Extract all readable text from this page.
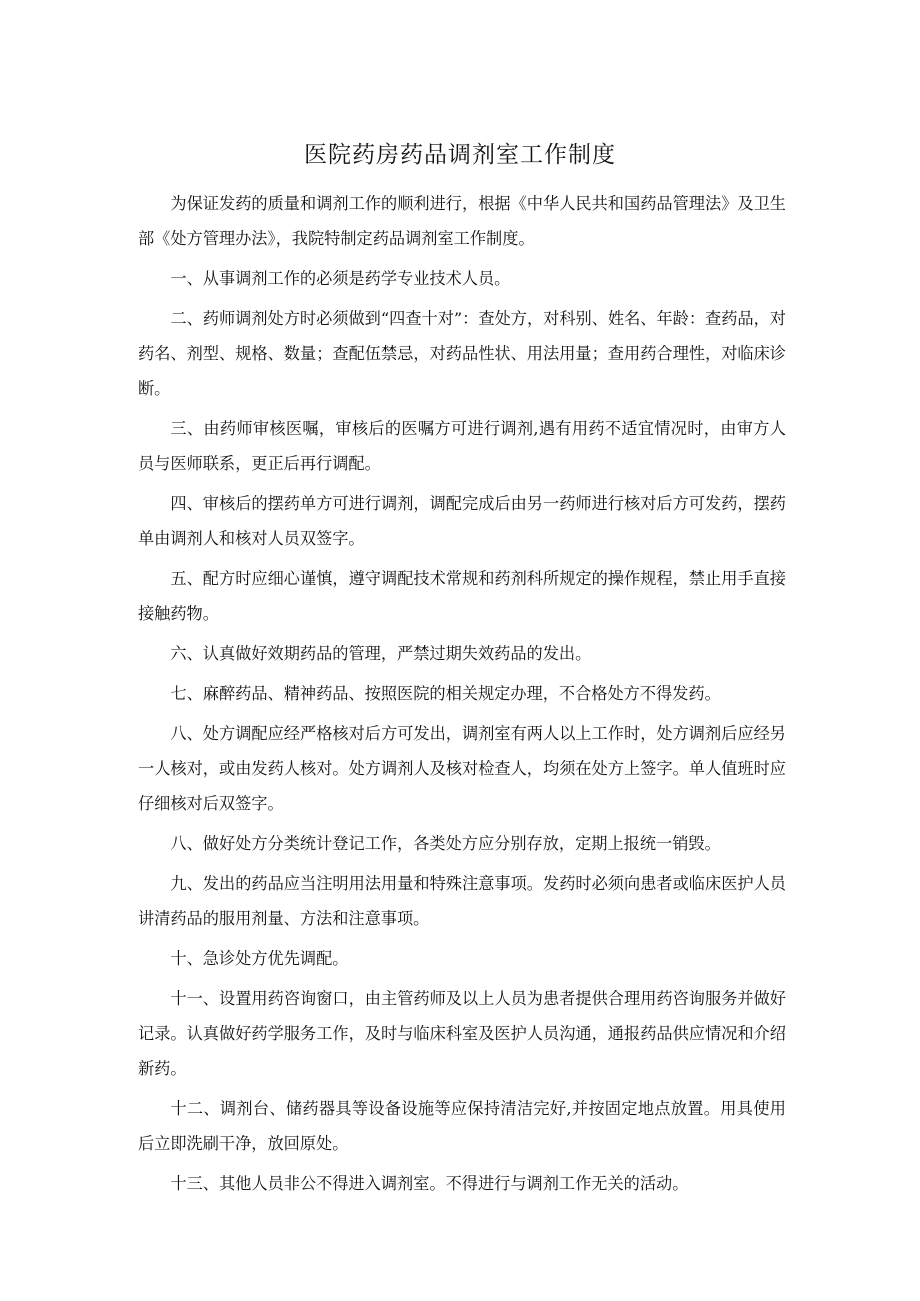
医院药房药品调剂室工作制度

为保证发药的质量和调剂工作的顺利进行，根据《中华人民共和国药品管理法》及卫生部《处方管理办法》，我院特制定药品调剂室工作制度。

一、从事调剂工作的必须是药学专业技术人员。

二、药师调剂处方时必须做到“四查十对”：查处方，对科别、姓名、年龄：查药品，对药名、剂型、规格、数量；查配伍禁忌，对药品性状、用法用量；查用药合理性，对临床诊断。

三、由药师审核医嘱，审核后的医嘱方可进行调剂,遇有用药不适宜情况时，由审方人员与医师联系，更正后再行调配。

四、审核后的摆药单方可进行调剂，调配完成后由另一药师进行核对后方可发药，摆药单由调剂人和核对人员双签字。

五、配方时应细心谨慎，遵守调配技术常规和药剂科所规定的操作规程，禁止用手直接接触药物。

六、认真做好效期药品的管理，严禁过期失效药品的发出。

七、麻醉药品、精神药品、按照医院的相关规定办理，不合格处方不得发药。

八、处方调配应经严格核对后方可发出，调剂室有两人以上工作时，处方调剂后应经另一人核对，或由发药人核对。处方调剂人及核对检查人，均须在处方上签字。单人值班时应仔细核对后双签字。

八、做好处方分类统计登记工作，各类处方应分别存放，定期上报统一销毁。

九、发出的药品应当注明用法用量和特殊注意事项。发药时必须向患者或临床医护人员讲清药品的服用剂量、方法和注意事项。

十、急诊处方优先调配。

十一、设置用药咨询窗口，由主管药师及以上人员为患者提供合理用药咨询服务并做好记录。认真做好药学服务工作，及时与临床科室及医护人员沟通，通报药品供应情况和介绍新药。

十二、调剂台、储药器具等设备设施等应保持清洁完好,并按固定地点放置。用具使用后立即洗刷干净，放回原处。

十三、其他人员非公不得进入调剂室。不得进行与调剂工作无关的活动。
